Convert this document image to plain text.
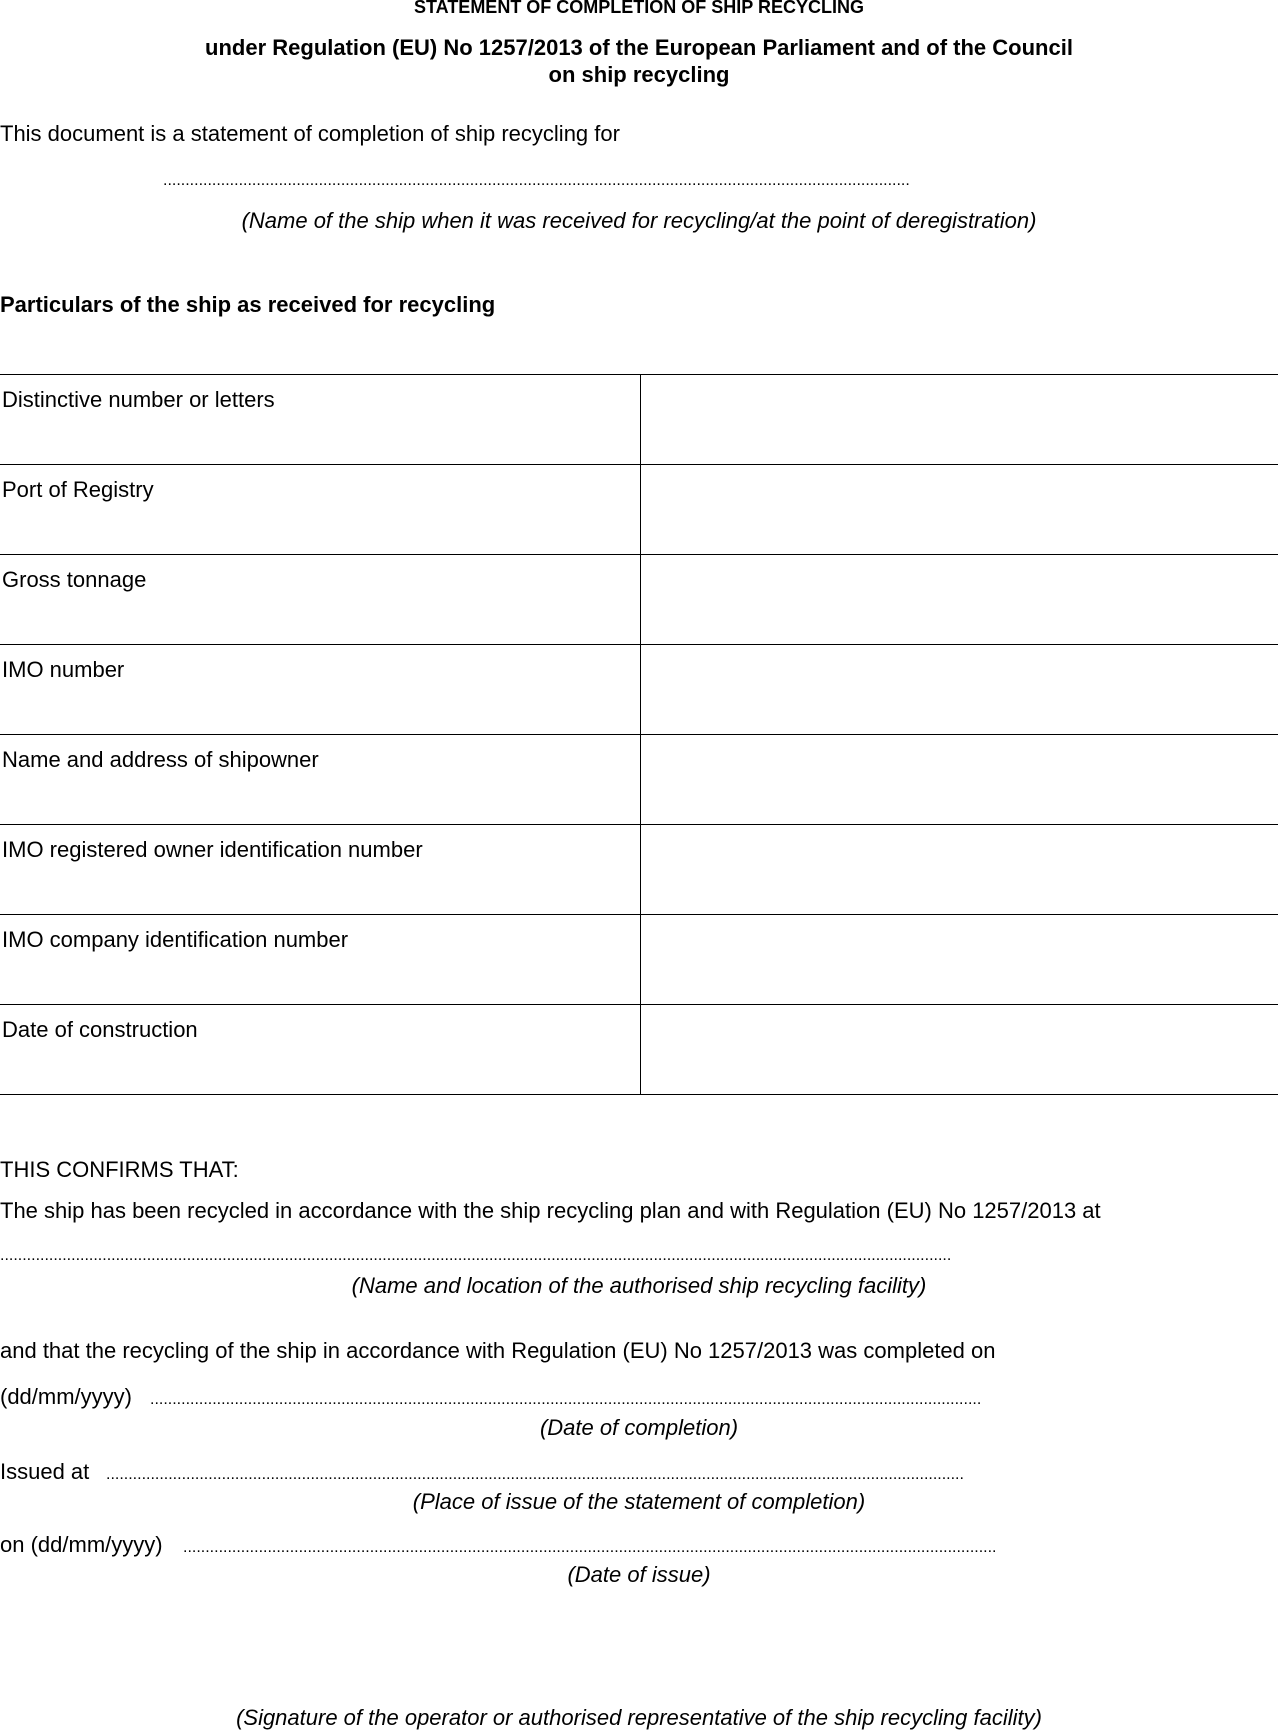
STATEMENT OF COMPLETION OF SHIP RECYCLING
under Regulation (EU) No 1257/2013 of the European Parliament and of the Council
on ship recycling
This document is a statement of completion of ship recycling for
........................................................................................................................................................................
(Name of the ship when it was received for recycling/at the point of deregistration)
Particulars of the ship as received for recycling
Distinctive number or letters	
Port of Registry	
Gross tonnage	
IMO number	
Name and address of shipowner	
IMO registered owner identification number	
IMO company identification number	
Date of construction	
THIS CONFIRMS THAT:
The ship has been recycled in accordance with the ship recycling plan and with Regulation (EU) No 1257/2013 at
......................................................................................................................................................................................................................
(Name and location of the authorised ship recycling facility)
and that the recycling of the ship in accordance with Regulation (EU) No 1257/2013 was completed on
(dd/mm/yyyy) ...........................................................................................................................................................................................
(Date of completion)
Issued at .................................................................................................................................................................................................
(Place of issue of the statement of completion)
on (dd/mm/yyyy) .......................................................................................................................................................................................
(Date of issue)
(Signature of the operator or authorised representative of the ship recycling facility)
